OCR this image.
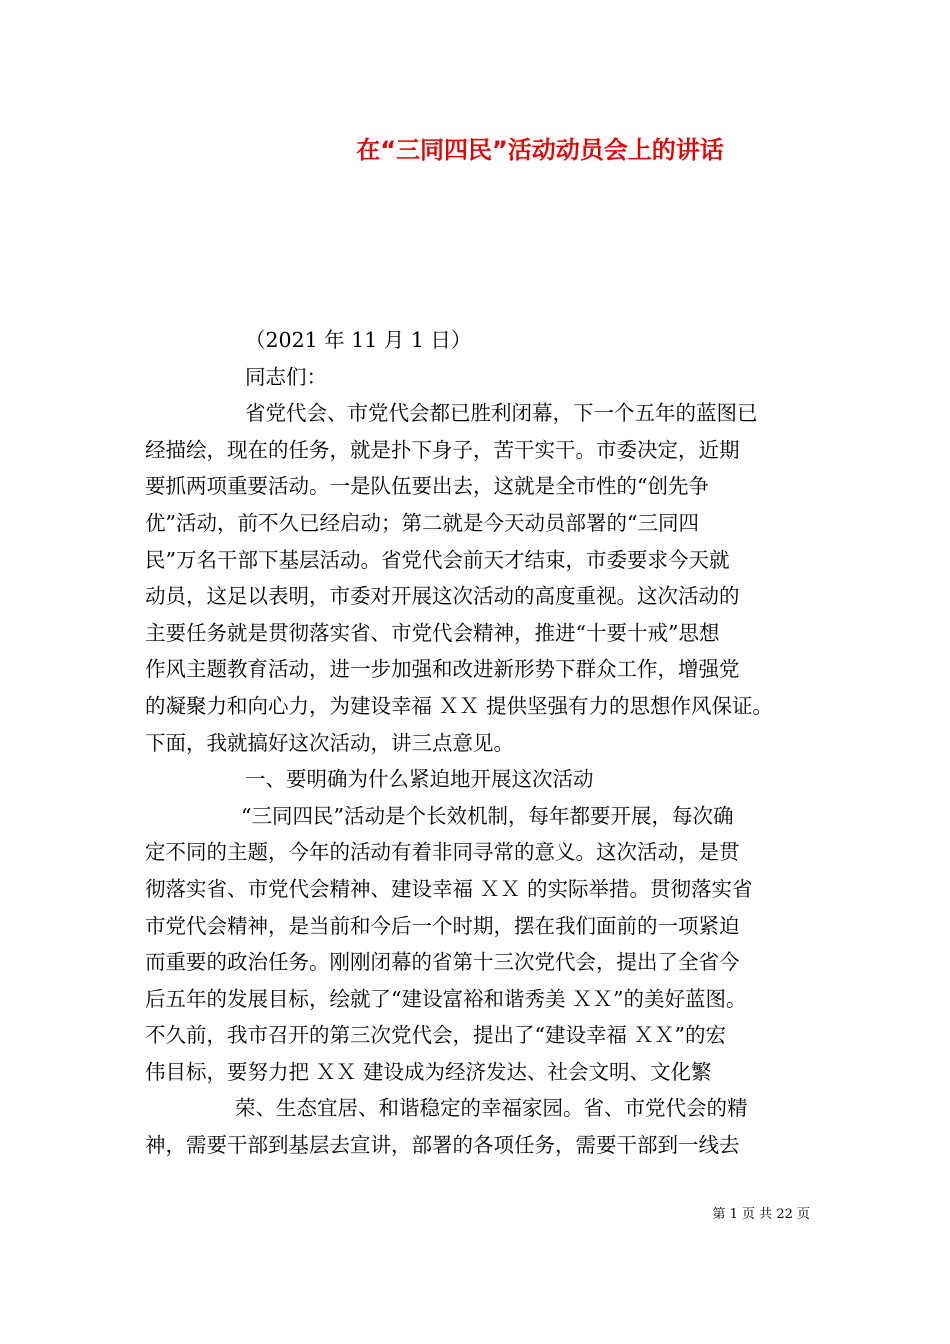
在“三同四民”活动动员会上的讲话
（2021 年 11 月 1 日）
同志们：
省党代会、市党代会都已胜利闭幕，下一个五年的蓝图已
经描绘，现在的任务，就是扑下身子，苦干实干。市委决定，近期
要抓两项重要活动。一是队伍要出去，这就是全市性的“创先争
优”活动，前不久已经启动；第二就是今天动员部署的“三同四
民”万名干部下基层活动。省党代会前天才结束，市委要求今天就
动员，这足以表明，市委对开展这次活动的高度重视。这次活动的
主要任务就是贯彻落实省、市党代会精神，推进“十要十戒”思想
作风主题教育活动，进一步加强和改进新形势下群众工作，增强党
的凝聚力和向心力，为建设幸福 ＸＸ 提供坚强有力的思想作风保证。
下面，我就搞好这次活动，讲三点意见。
一、要明确为什么紧迫地开展这次活动
“三同四民”活动是个长效机制，每年都要开展，每次确
定不同的主题，今年的活动有着非同寻常的意义。这次活动，是贯
彻落实省、市党代会精神、建设幸福 ＸＸ 的实际举措。贯彻落实省
市党代会精神，是当前和今后一个时期，摆在我们面前的一项紧迫
而重要的政治任务。刚刚闭幕的省第十三次党代会，提出了全省今
后五年的发展目标，绘就了“建设富裕和谐秀美 ＸＸ”的美好蓝图。
不久前，我市召开的第三次党代会，提出了“建设幸福 ＸＸ”的宏
伟目标，要努力把 ＸＸ 建设成为经济发达、社会文明、文化繁
荣、生态宜居、和谐稳定的幸福家园。省、市党代会的精
神，需要干部到基层去宣讲，部署的各项任务，需要干部到一线去
第 1 页 共 22 页
